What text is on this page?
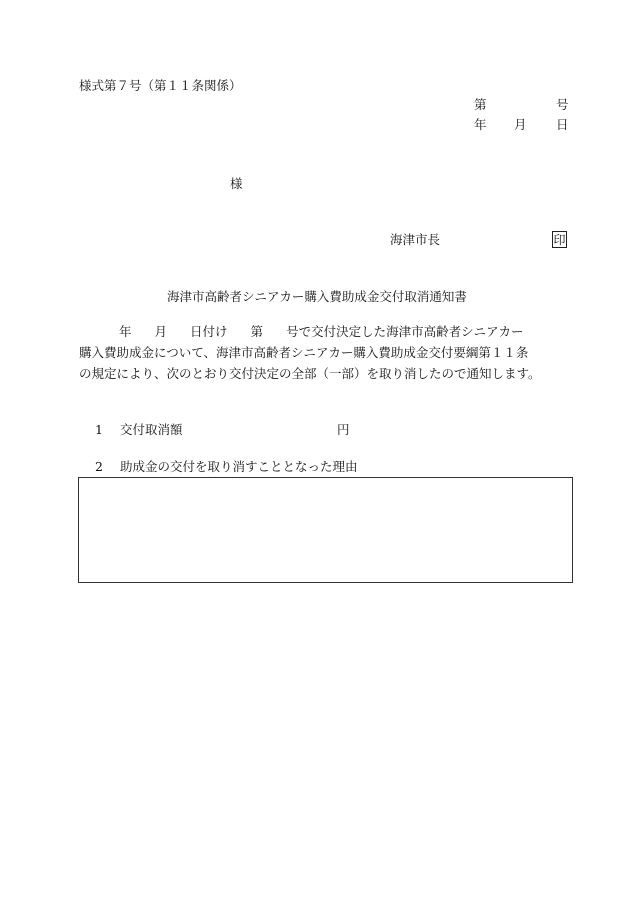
様式第７号（第１１条関係）
第	号
年 月 日
様
海津市長	印
海津市高齢者シニアカー購入費助成金交付取消通知書
年 月 日付け 第 号で交付決定した海津市高齢者シニアカー
購入費助成金について、海津市高齢者シニアカー購入費助成金交付要綱第１１条
の規定により、次のとおり交付決定の全部（一部）を取り消したので通知します。
1 交付取消額	円
2 助成金の交付を取り消すこととなった理由
